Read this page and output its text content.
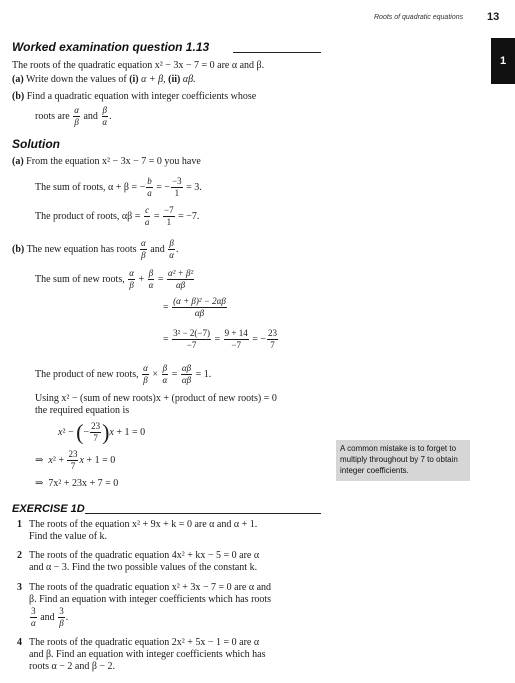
Roots of quadratic equations 13
1
Worked examination question 1.13
The roots of the quadratic equation x² − 3x − 7 = 0 are α and β.
(a) Write down the values of (i) α + β, (ii) αβ.
(b) Find a quadratic equation with integer coefficients whose
roots are $\frac{\alpha}{\beta}$ and $\frac{\beta}{\alpha}$ .
Solution
(a) From the equation x² − 3x − 7 = 0 you have
The sum of roots, α + β = − $\frac{b}{a}$ = − $\frac{-3}{1} = 3$.
The product of roots, $\alpha\beta = \frac{c}{a} = \frac{-7}{1} = -7$.
(b) The new equation has roots $\frac{\alpha}{\beta}$ and $\frac{\beta}{\alpha}$ .
The sum of new roots, $\frac{\alpha}{\beta} + \frac{\beta}{\alpha} = \frac{\text{α² + β²}}{\alpha\beta}$
= $\frac{\text{(α + β)² − 2αβ}}{\alpha\beta}$
= $\frac{\text{3² − 2(−7)}}{-7} = \frac{9 + 14}{-7}$ = − $\frac{23}{7}$
The product of new roots, $\frac{\alpha}{\beta} \times \frac{\beta}{\alpha} = \frac{\alpha\beta}{\alpha\beta} = 1$.
Using x² − (sum of new roots)x + (product of new roots) = 0
the required equation is
x² − (− $\frac{23}{7} )x + 1 = 0$
⇒  $x^2 + \frac{23}{7}$ x + 1 = 0
⇒  7x² + 23x + 7 = 0
A common mistake is to forget to multiply throughout by 7 to obtain integer coefficients.
EXERCISE 1D
1 The roots of the equation x² + 9x + k = 0 are α and α + 1.
Find the value of k.
2 The roots of the quadratic equation 4x² + kx − 5 = 0 are α
and α − 3. Find the two possible values of the constant k.
3 The roots of the quadratic equation x² + 3x − 7 = 0 are α and
β. Find an equation with integer coefficients which has roots
$\frac{3}{\alpha}$ and $\frac{3}{\beta}$ .
4 The roots of the quadratic equation 2x² + 5x − 1 = 0 are α
and β. Find an equation with integer coefficients which has
roots α − 2 and β − 2.
